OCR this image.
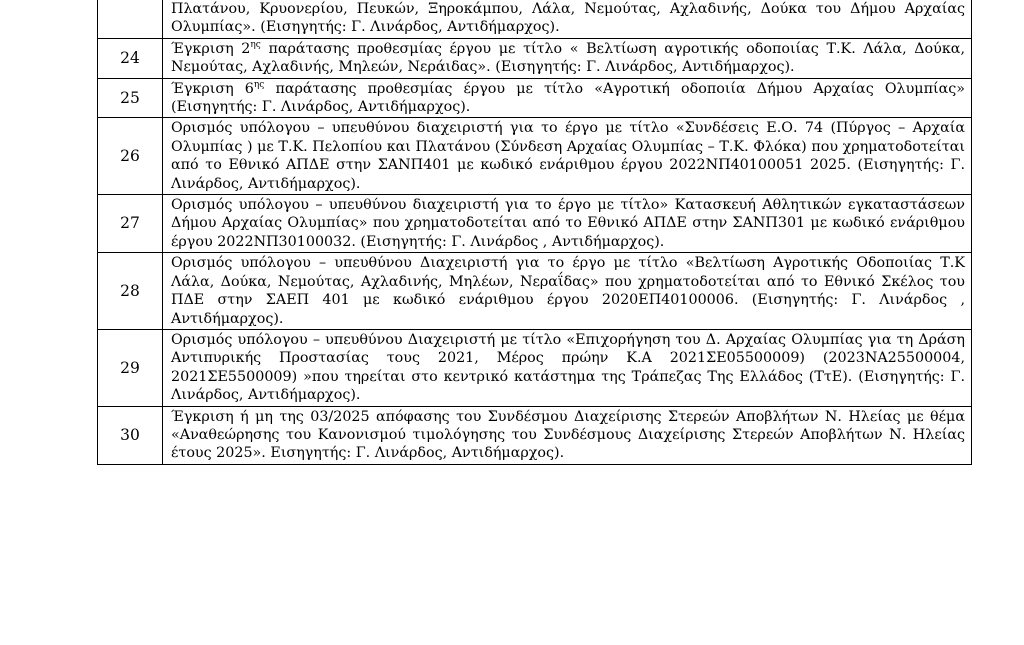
	Πλατάνου, Κρυονερίου, Πευκών, Ξηροκάμπου, Λάλα, Νεμούτας, Αχλαδινής, Δούκα του Δήμου Αρχαίας Ολυμπίας». (Εισηγητής: Γ. Λινάρδος, Αντιδήμαρχος).
24	Έγκριση $2^{\eta\varsigma}$ παράτασης προθεσμίας έργου με τίτλο « Βελτίωση αγροτικής οδοποιίας Τ.Κ. Λάλα, Δούκα, Νεμούτας, Αχλαδινής, Μηλεών, Νεράιδας». (Εισηγητής: Γ. Λινάρδος, Αντιδήμαρχος).
25	Έγκριση $6^{\eta\varsigma}$ παράτασης προθεσμίας έργου με τίτλο «Αγροτική οδοποιία Δήμου Αρχαίας Ολυμπίας» (Εισηγητής: Γ. Λινάρδος, Αντιδήμαρχος).
26	Ορισμός υπόλογου – υπευθύνου διαχειριστή για το έργο με τίτλο «Συνδέσεις Ε.Ο. 74 (Πύργος – Αρχαία Ολυμπίας ) με Τ.Κ. Πελοπίου και Πλατάνου (Σύνδεση Αρχαίας Ολυμπίας – Τ.Κ. Φλόκα) που χρηματοδοτείται από το Εθνικό ΑΠΔΕ στην ΣΑΝΠ401 με κωδικό ενάριθμου έργου 2022ΝΠ40100051 2025. (Εισηγητής: Γ. Λινάρδος, Αντιδήμαρχος).
27	Ορισμός υπόλογου – υπευθύνου διαχειριστή για το έργο με τίτλο» Κατασκευή Αθλητικών εγκαταστάσεων Δήμου Αρχαίας Ολυμπίας» που χρηματοδοτείται από το Εθνικό ΑΠΔΕ στην ΣΑΝΠ301 με κωδικό ενάριθμου έργου 2022ΝΠ30100032. (Εισηγητής: Γ. Λινάρδος , Αντιδήμαρχος).
28	Ορισμός υπόλογου – υπευθύνου Διαχειριστή για το έργο με τίτλο «Βελτίωση Αγροτικής Οδοποιίας Τ.Κ Λάλα, Δούκα, Νεμούτας, Αχλαδινής, Μηλέων, Νεραΐδας» που χρηματοδοτείται από το Εθνικό Σκέλος του ΠΔΕ στην ΣΑΕΠ 401 με κωδικό ενάριθμου έργου 2020ΕΠ40100006. (Εισηγητής: Γ. Λινάρδος , Αντιδήμαρχος).
29	Ορισμός υπόλογου – υπευθύνου Διαχειριστή με τίτλο «Επιχορήγηση του Δ. Αρχαίας Ολυμπίας για τη Δράση Αντιπυρικής Προστασίας τους 2021, Μέρος πρώην Κ.Α 2021ΣΕ05500009) (2023ΝΑ25500004, 2021ΣΕ5500009) »που τηρείται στο κεντρικό κατάστημα της Τράπεζας Της Ελλάδος (ΤτΕ). (Εισηγητής: Γ. Λινάρδος, Αντιδήμαρχος).
30	Έγκριση ή μη της 03/2025 απόφασης του Συνδέσμου Διαχείρισης Στερεών Αποβλήτων Ν. Ηλείας με θέμα «Αναθεώρησης του Κανονισμού τιμολόγησης του Συνδέσμους Διαχείρισης Στερεών Αποβλήτων Ν. Ηλείας έτους 2025». Εισηγητής: Γ. Λινάρδος, Αντιδήμαρχος).
